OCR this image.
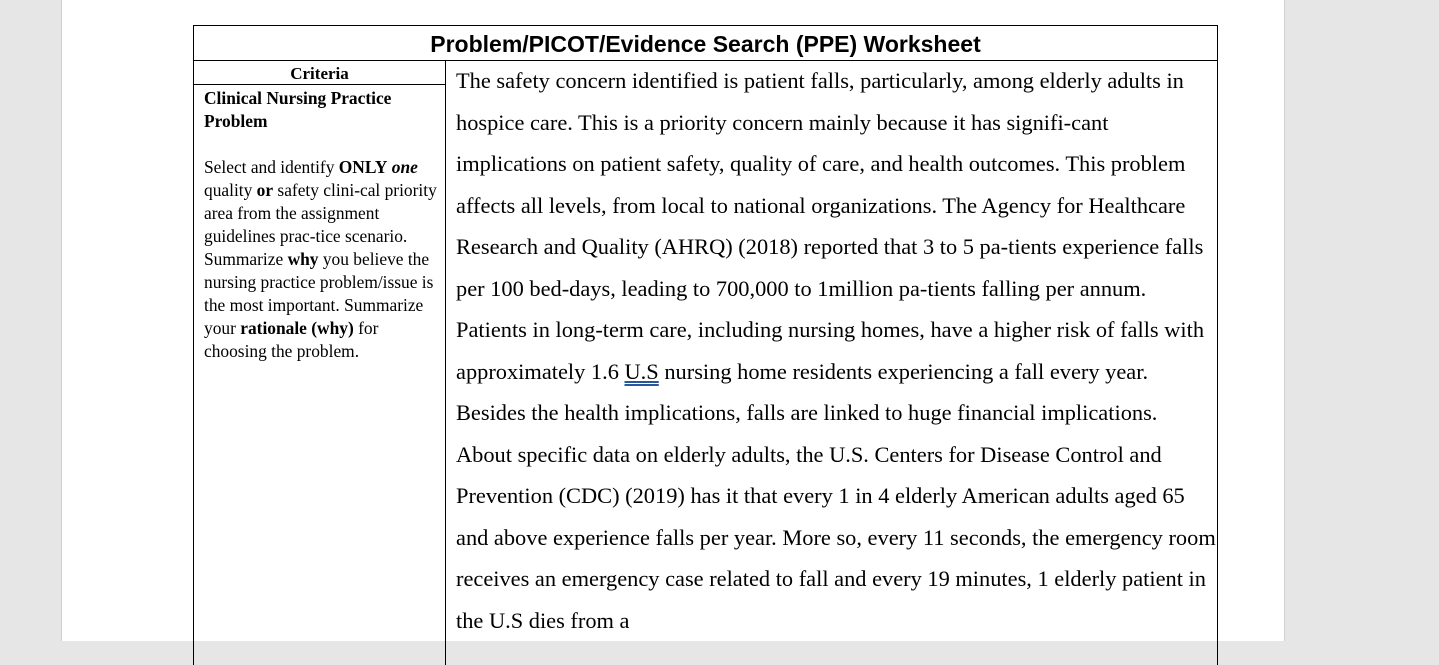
Problem/PICOT/Evidence Search (PPE) Worksheet
Criteria

Clinical Nursing Practice Problem

Select and identify ONLY one quality or safety clini-cal priority area from the assignment guidelines prac-tice scenario. Summarize why you believe the nursing practice problem/issue is the most important. Summarize your rationale (why) for choosing the problem.

The safety concern identified is patient falls, particularly, among elderly adults in hospice care. This is a priority concern mainly because it has signifi-cant implications on patient safety, quality of care, and health outcomes. This problem affects all levels, from local to national organizations. The Agency for Healthcare Research and Quality (AHRQ) (2018) reported that 3 to 5 pa-tients experience falls per 100 bed-days, leading to 700,000 to 1million pa-tients falling per annum. Patients in long-term care, including nursing homes, have a higher risk of falls with approximately 1.6 U.S nursing home residents experiencing a fall every year. Besides the health implications, falls are linked to huge financial implications. About specific data on elderly adults, the U.S. Centers for Disease Control and Prevention (CDC) (2019) has it that every 1 in 4 elderly American adults aged 65 and above experience falls per year. More so, every 11 seconds, the emergency room receives an emergency case related to fall and every 19 minutes, 1 elderly patient in the U.S dies from a
